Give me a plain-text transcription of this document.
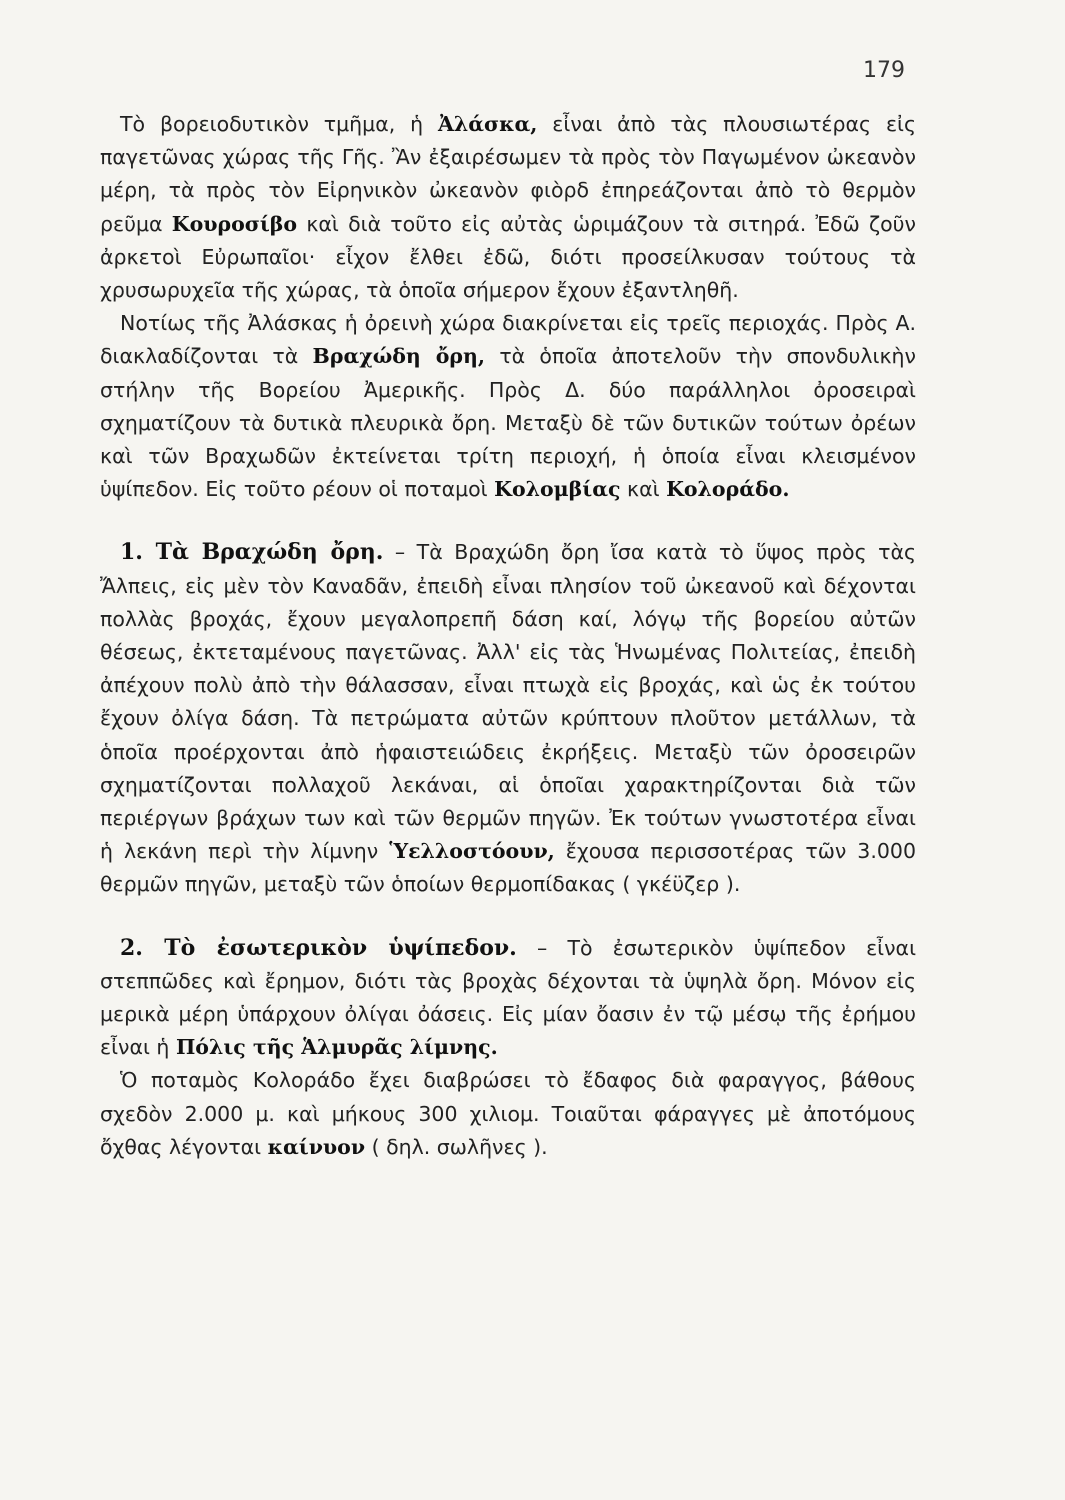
179

Τὸ βορειοδυτικὸν τμῆμα, ἡ Ἀλάσκα, εἶναι ἀπὸ τὰς πλουσιωτέρας εἰς παγετῶνας χώρας τῆς Γῆς. Ἂν ἐξαιρέσωμεν τὰ πρὸς τὸν Παγωμένον ὠκεανὸν μέρη, τὰ πρὸς τὸν Εἰρηνικὸν ὠκεανὸν φιὸρδ ἐπηρεάζονται ἀπὸ τὸ θερμὸν ρεῦμα Κουροσίβο καὶ διὰ τοῦτο εἰς αὐτὰς ὡριμάζουν τὰ σιτηρά. Ἐδῶ ζοῦν ἀρκετοὶ Εὐρωπαῖοι· εἶχον ἔλθει ἐδῶ, διότι προσείλκυσαν τούτους τὰ χρυσωρυχεῖα τῆς χώρας, τὰ ὁποῖα σήμερον ἔχουν ἐξαντληθῆ.

Νοτίως τῆς Ἀλάσκας ἡ ὀρεινὴ χώρα διακρίνεται εἰς τρεῖς περιοχάς. Πρὸς Α. διακλαδίζονται τὰ Βραχώδη ὄρη, τὰ ὁποῖα ἀποτελοῦν τὴν σπονδυλικὴν στήλην τῆς Βορείου Ἀμερικῆς. Πρὸς Δ. δύο παράλληλοι ὀροσειραὶ σχηματίζουν τὰ δυτικὰ πλευρικὰ ὄρη. Μεταξὺ δὲ τῶν δυτικῶν τούτων ὀρέων καὶ τῶν Βραχωδῶν ἐκτείνεται τρίτη περιοχή, ἡ ὁποία εἶναι κλεισμένον ὑψίπεδον. Εἰς τοῦτο ρέουν οἱ ποταμοὶ Κολομβίας καὶ Κολοράδο.

1. Τὰ Βραχώδη ὄρη. – Τὰ Βραχώδη ὄρη ἴσα κατὰ τὸ ὕψος πρὸς τὰς Ἄλπεις, εἰς μὲν τὸν Καναδᾶν, ἐπειδὴ εἶναι πλησίον τοῦ ὠκεανοῦ καὶ δέχονται πολλὰς βροχάς, ἔχουν μεγαλοπρεπῆ δάση καί, λόγῳ τῆς βορείου αὐτῶν θέσεως, ἐκτεταμένους παγετῶνας. Ἀλλ' εἰς τὰς Ἡνωμένας Πολιτείας, ἐπειδὴ ἀπέχουν πολὺ ἀπὸ τὴν θάλασσαν, εἶναι πτωχὰ εἰς βροχάς, καὶ ὡς ἐκ τούτου ἔχουν ὀλίγα δάση. Τὰ πετρώματα αὐτῶν κρύπτουν πλοῦτον μετάλλων, τὰ ὁποῖα προέρχονται ἀπὸ ἡφαιστειώδεις ἐκρήξεις. Μεταξὺ τῶν ὀροσειρῶν σχηματίζονται πολλαχοῦ λεκάναι, αἱ ὁποῖαι χαρακτηρίζονται διὰ τῶν περιέργων βράχων των καὶ τῶν θερμῶν πηγῶν. Ἐκ τούτων γνωστοτέρα εἶναι ἡ λεκάνη περὶ τὴν λίμνην Ὑελλοστόουν, ἔχουσα περισσοτέρας τῶν 3.000 θερμῶν πηγῶν, μεταξὺ τῶν ὁποίων θερμοπίδακας ( γκέϋζερ ).

2. Τὸ ἐσωτερικὸν ὑψίπεδον. – Τὸ ἐσωτερικὸν ὑψίπεδον εἶναι στεππῶδες καὶ ἔρημον, διότι τὰς βροχὰς δέχονται τὰ ὑψηλὰ ὄρη. Μόνον εἰς μερικὰ μέρη ὑπάρχουν ὀλίγαι ὀάσεις. Εἰς μίαν ὄασιν ἐν τῷ μέσῳ τῆς ἐρήμου εἶναι ἡ Πόλις τῆς Ἁλμυρᾶς λίμνης.

Ὁ ποταμὸς Κολοράδο ἔχει διαβρώσει τὸ ἔδαφος διὰ φαραγγος, βάθους σχεδὸν 2.000 μ. καὶ μήκους 300 χιλιομ. Τοιαῦται φάραγγες μὲ ἀποτόμους ὄχθας λέγονται καίνυον ( δηλ. σωλῆνες ).
